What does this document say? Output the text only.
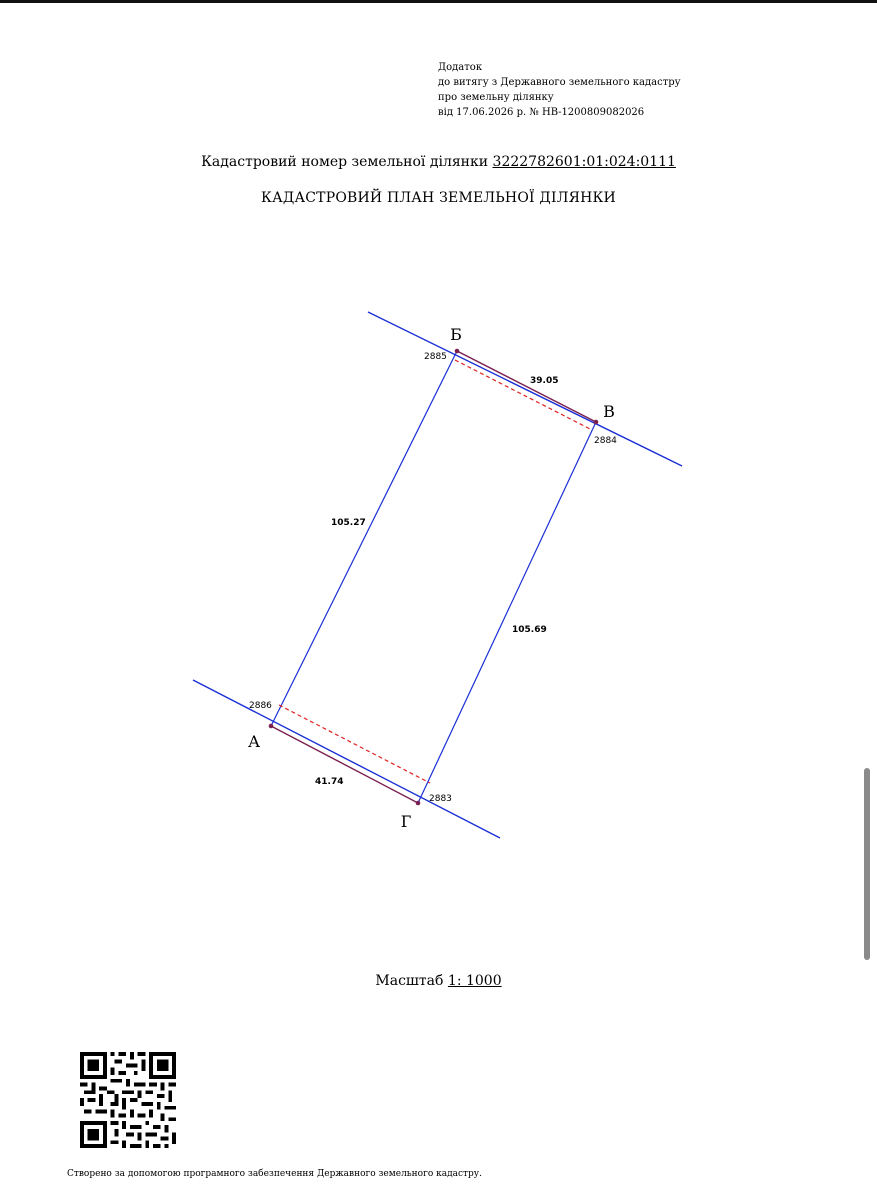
Додаток
до витягу з Державного земельного кадастру
про земельну ділянку
від 17.06.2026 р. № НВ-1200809082026
Кадастровий номер земельної ділянки 3222782601:01:024:0111
КАДАСТРОВИЙ ПЛАН ЗЕМЕЛЬНОЇ ДІЛЯНКИ
Б
В
А
Г
2885
2884
2886
2883
39.05
105.27
105.69
41.74
Масштаб 1: 1000
Створено за допомогою програмного забезпечення Державного земельного кадастру.
